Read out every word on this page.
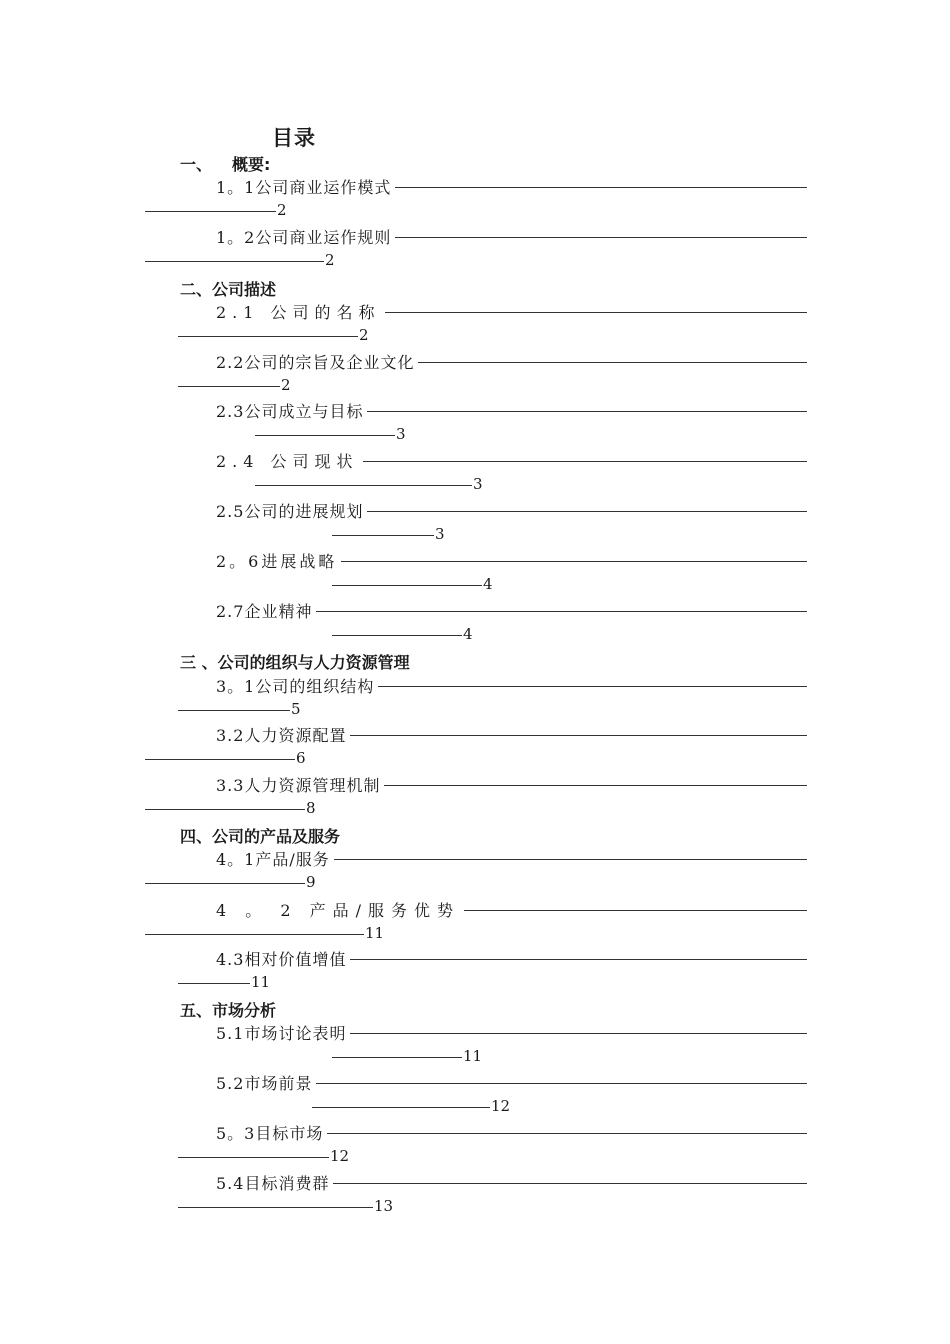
目录
一、 概要:
二、公司描述
三 、公司的组织与人力资源管理
四、公司的产品及服务
五、市场分析
1。1公司商业运作模式
2
1。2公司商业运作规则
2
2.1 公司的名称
2
2.2公司的宗旨及企业文化
2
2.3公司成立与目标
3
2.4 公司现状
3
2.5公司的进展规划
3
2。6进展战略
4
2.7企业精神
4
3。1公司的组织结构
5
3.2人力资源配置
6
3.3人力资源管理机制
8
4。1产品/服务
9
4 。 2 产品/服务优势
11
4.3相对价值增值
11
5.1市场讨论表明
11
5.2市场前景
12
5。3目标市场
12
5.4目标消费群
13
